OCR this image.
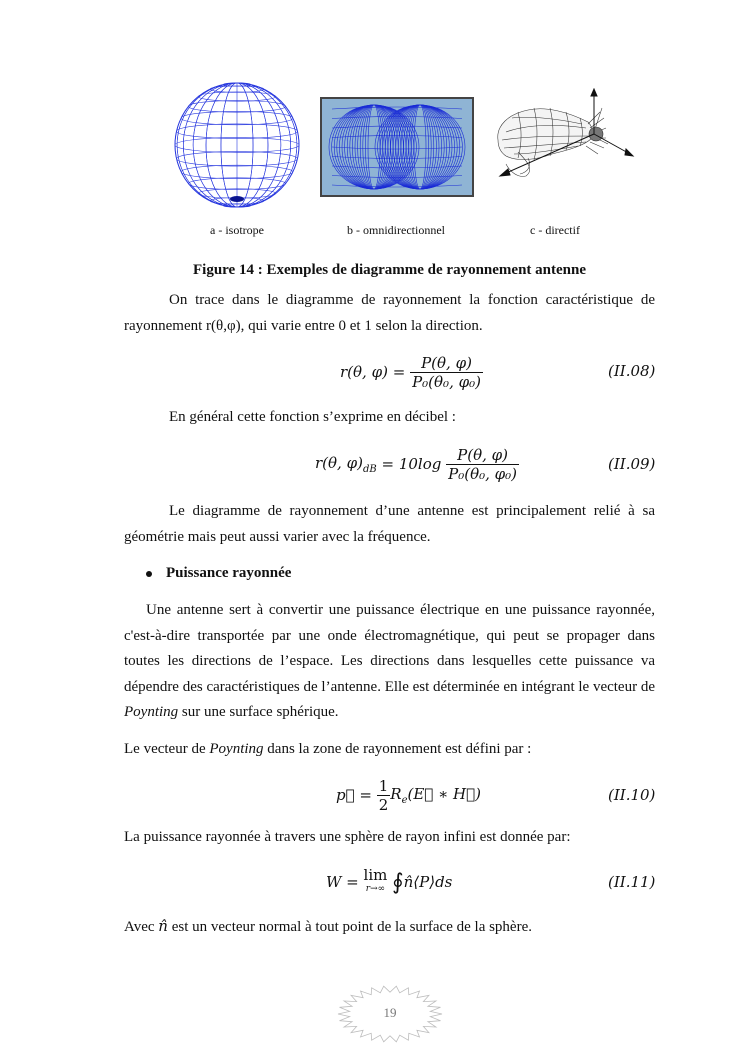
a - isotrope	b - omnidirectionnel	c - directif
Figure 14 : Exemples de diagramme de rayonnement antenne
On trace dans le diagramme de rayonnement la fonction caractéristique de rayonnement r(θ,φ), qui varie entre 0 et 1 selon la direction.
r(θ, φ) =
$\frac{P(\theta, \varphi)}{\text{P₀(θ₀, φ₀)}}$	(II.08)
En général cette fonction s’exprime en décibel :
r(θ, $\varphi)_{dB}$
= 10log
$\frac{P(\theta, \varphi)}{\text{P₀(θ₀, φ₀)}}$	(II.09)
Le diagramme de rayonnement d’une antenne est principalement relié à sa géométrie mais peut aussi varier avec la fréquence.
Puissance rayonnée
Une antenne sert à convertir une puissance électrique en une puissance rayonnée, c'est-à-dire transportée par une onde électromagnétique, qui peut se propager dans toutes les directions de l’espace. Les directions dans lesquelles cette puissance va dépendre des caractéristiques de l’antenne. Elle est déterminée en intégrant le vecteur de Poynting sur une surface sphérique.
Le vecteur de Poynting dans la zone de rayonnement est défini par :
p⃗ =
$\frac{1}{2}$ $R_e(E⃗$ ∗ H⃗)	(II.10)
La puissance rayonnée à travers une sphère de rayon infini est donnée par:
W =
lim
r→∞
∮ n̂⟨P⟩ds	(II.11)
Avec n̂ est un vecteur normal à tout point de la surface de la sphère.
19
